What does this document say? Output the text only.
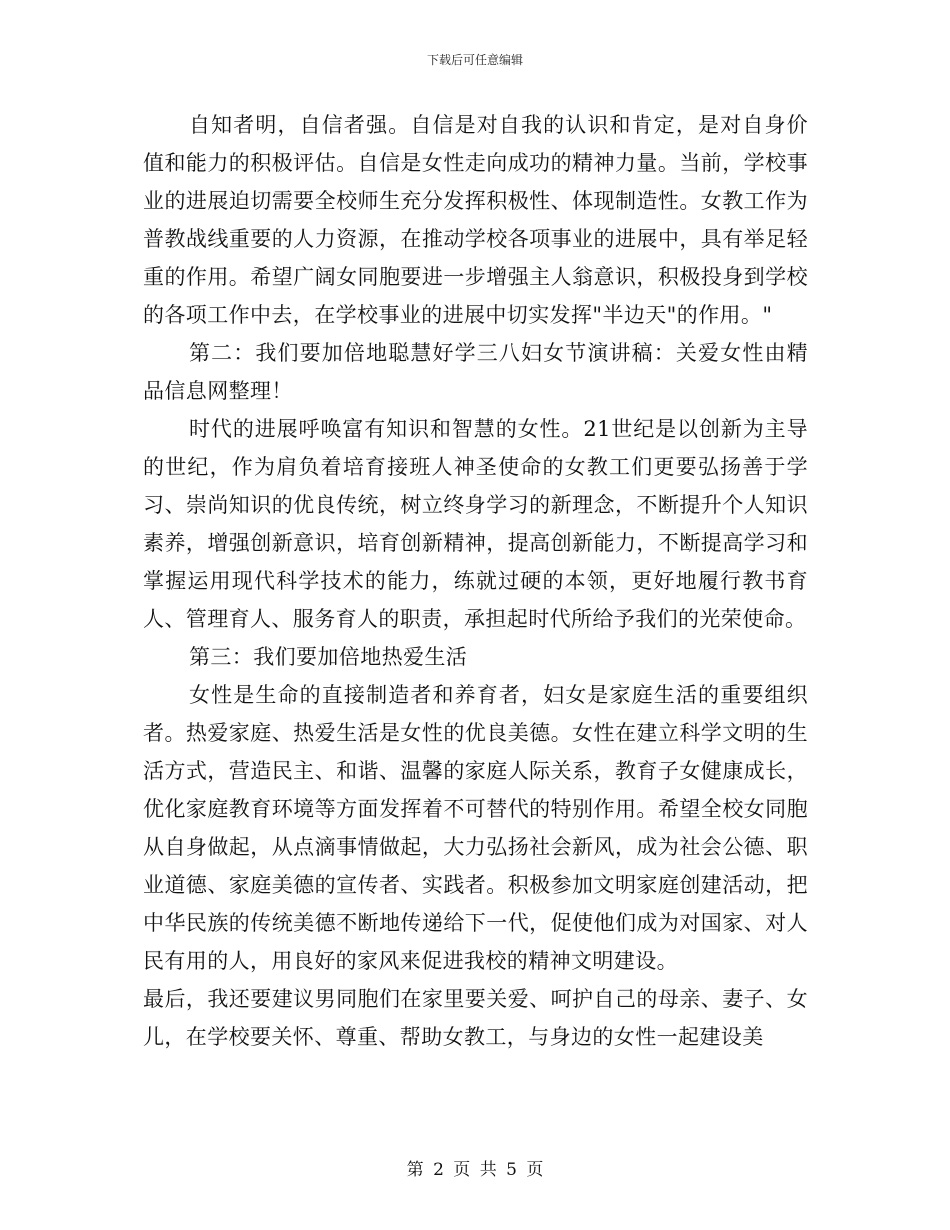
下载后可任意编辑

自知者明，自信者强。自信是对自我的认识和肯定，是对自身价值和能力的积极评估。自信是女性走向成功的精神力量。当前，学校事业的进展迫切需要全校师生充分发挥积极性、体现制造性。女教工作为普教战线重要的人力资源，在推动学校各项事业的进展中，具有举足轻重的作用。希望广阔女同胞要进一步增强主人翁意识，积极投身到学校的各项工作中去，在学校事业的进展中切实发挥"半边天"的作用。"

第二：我们要加倍地聪慧好学三八妇女节演讲稿：关爱女性由精品信息网整理！

时代的进展呼唤富有知识和智慧的女性。21世纪是以创新为主导的世纪，作为肩负着培育接班人神圣使命的女教工们更要弘扬善于学习、崇尚知识的优良传统，树立终身学习的新理念，不断提升个人知识素养，增强创新意识，培育创新精神，提高创新能力，不断提高学习和掌握运用现代科学技术的能力，练就过硬的本领，更好地履行教书育人、管理育人、服务育人的职责，承担起时代所给予我们的光荣使命。

第三：我们要加倍地热爱生活

女性是生命的直接制造者和养育者，妇女是家庭生活的重要组织者。热爱家庭、热爱生活是女性的优良美德。女性在建立科学文明的生活方式，营造民主、和谐、温馨的家庭人际关系，教育子女健康成长，优化家庭教育环境等方面发挥着不可替代的特别作用。希望全校女同胞从自身做起，从点滴事情做起，大力弘扬社会新风，成为社会公德、职业道德、家庭美德的宣传者、实践者。积极参加文明家庭创建活动，把中华民族的传统美德不断地传递给下一代，促使他们成为对国家、对人民有用的人，用良好的家风来促进我校的精神文明建设。

最后，我还要建议男同胞们在家里要关爱、呵护自己的母亲、妻子、女儿，在学校要关怀、尊重、帮助女教工，与身边的女性一起建设美

第 2 页 共 5 页
